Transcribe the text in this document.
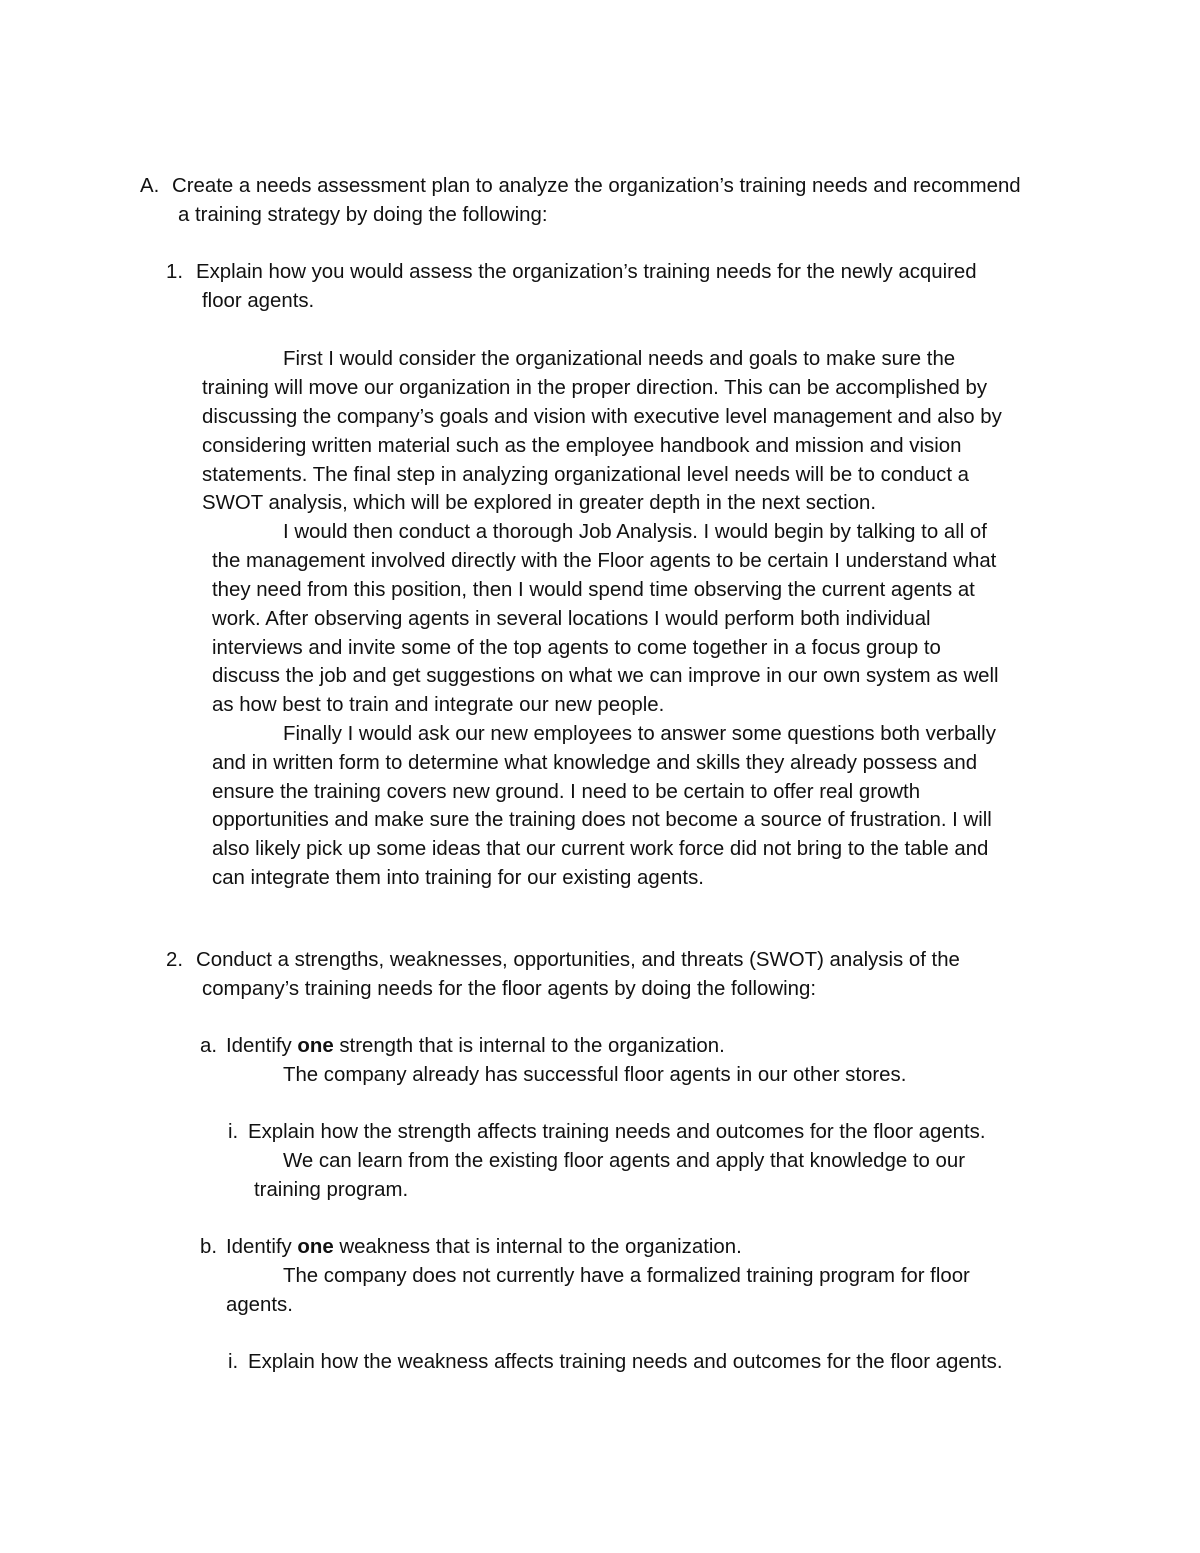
A. Create a needs assessment plan to analyze the organization’s training needs and recommend

a training strategy by doing the following:

1. Explain how you would assess the organization’s training needs for the newly acquired

floor agents.

First I would consider the organizational needs and goals to make sure the

training will move our organization in the proper direction. This can be accomplished by

discussing the company’s goals and vision with executive level management and also by

considering written material such as the employee handbook and mission and vision

statements. The final step in analyzing organizational level needs will be to conduct a

SWOT analysis, which will be explored in greater depth in the next section.

I would then conduct a thorough Job Analysis. I would begin by talking to all of

the management involved directly with the Floor agents to be certain I understand what

they need from this position, then I would spend time observing the current agents at

work. After observing agents in several locations I would perform both individual

interviews and invite some of the top agents to come together in a focus group to

discuss the job and get suggestions on what we can improve in our own system as well

as how best to train and integrate our new people.

Finally I would ask our new employees to answer some questions both verbally

and in written form to determine what knowledge and skills they already possess and

ensure the training covers new ground. I need to be certain to offer real growth

opportunities and make sure the training does not become a source of frustration. I will

also likely pick up some ideas that our current work force did not bring to the table and

can integrate them into training for our existing agents.

2. Conduct a strengths, weaknesses, opportunities, and threats (SWOT) analysis of the

company’s training needs for the floor agents by doing the following:

a. Identify one strength that is internal to the organization.

The company already has successful floor agents in our other stores.

i. Explain how the strength affects training needs and outcomes for the floor agents.

We can learn from the existing floor agents and apply that knowledge to our

training program.

b. Identify one weakness that is internal to the organization.

The company does not currently have a formalized training program for floor

agents.

i. Explain how the weakness affects training needs and outcomes for the floor agents.
